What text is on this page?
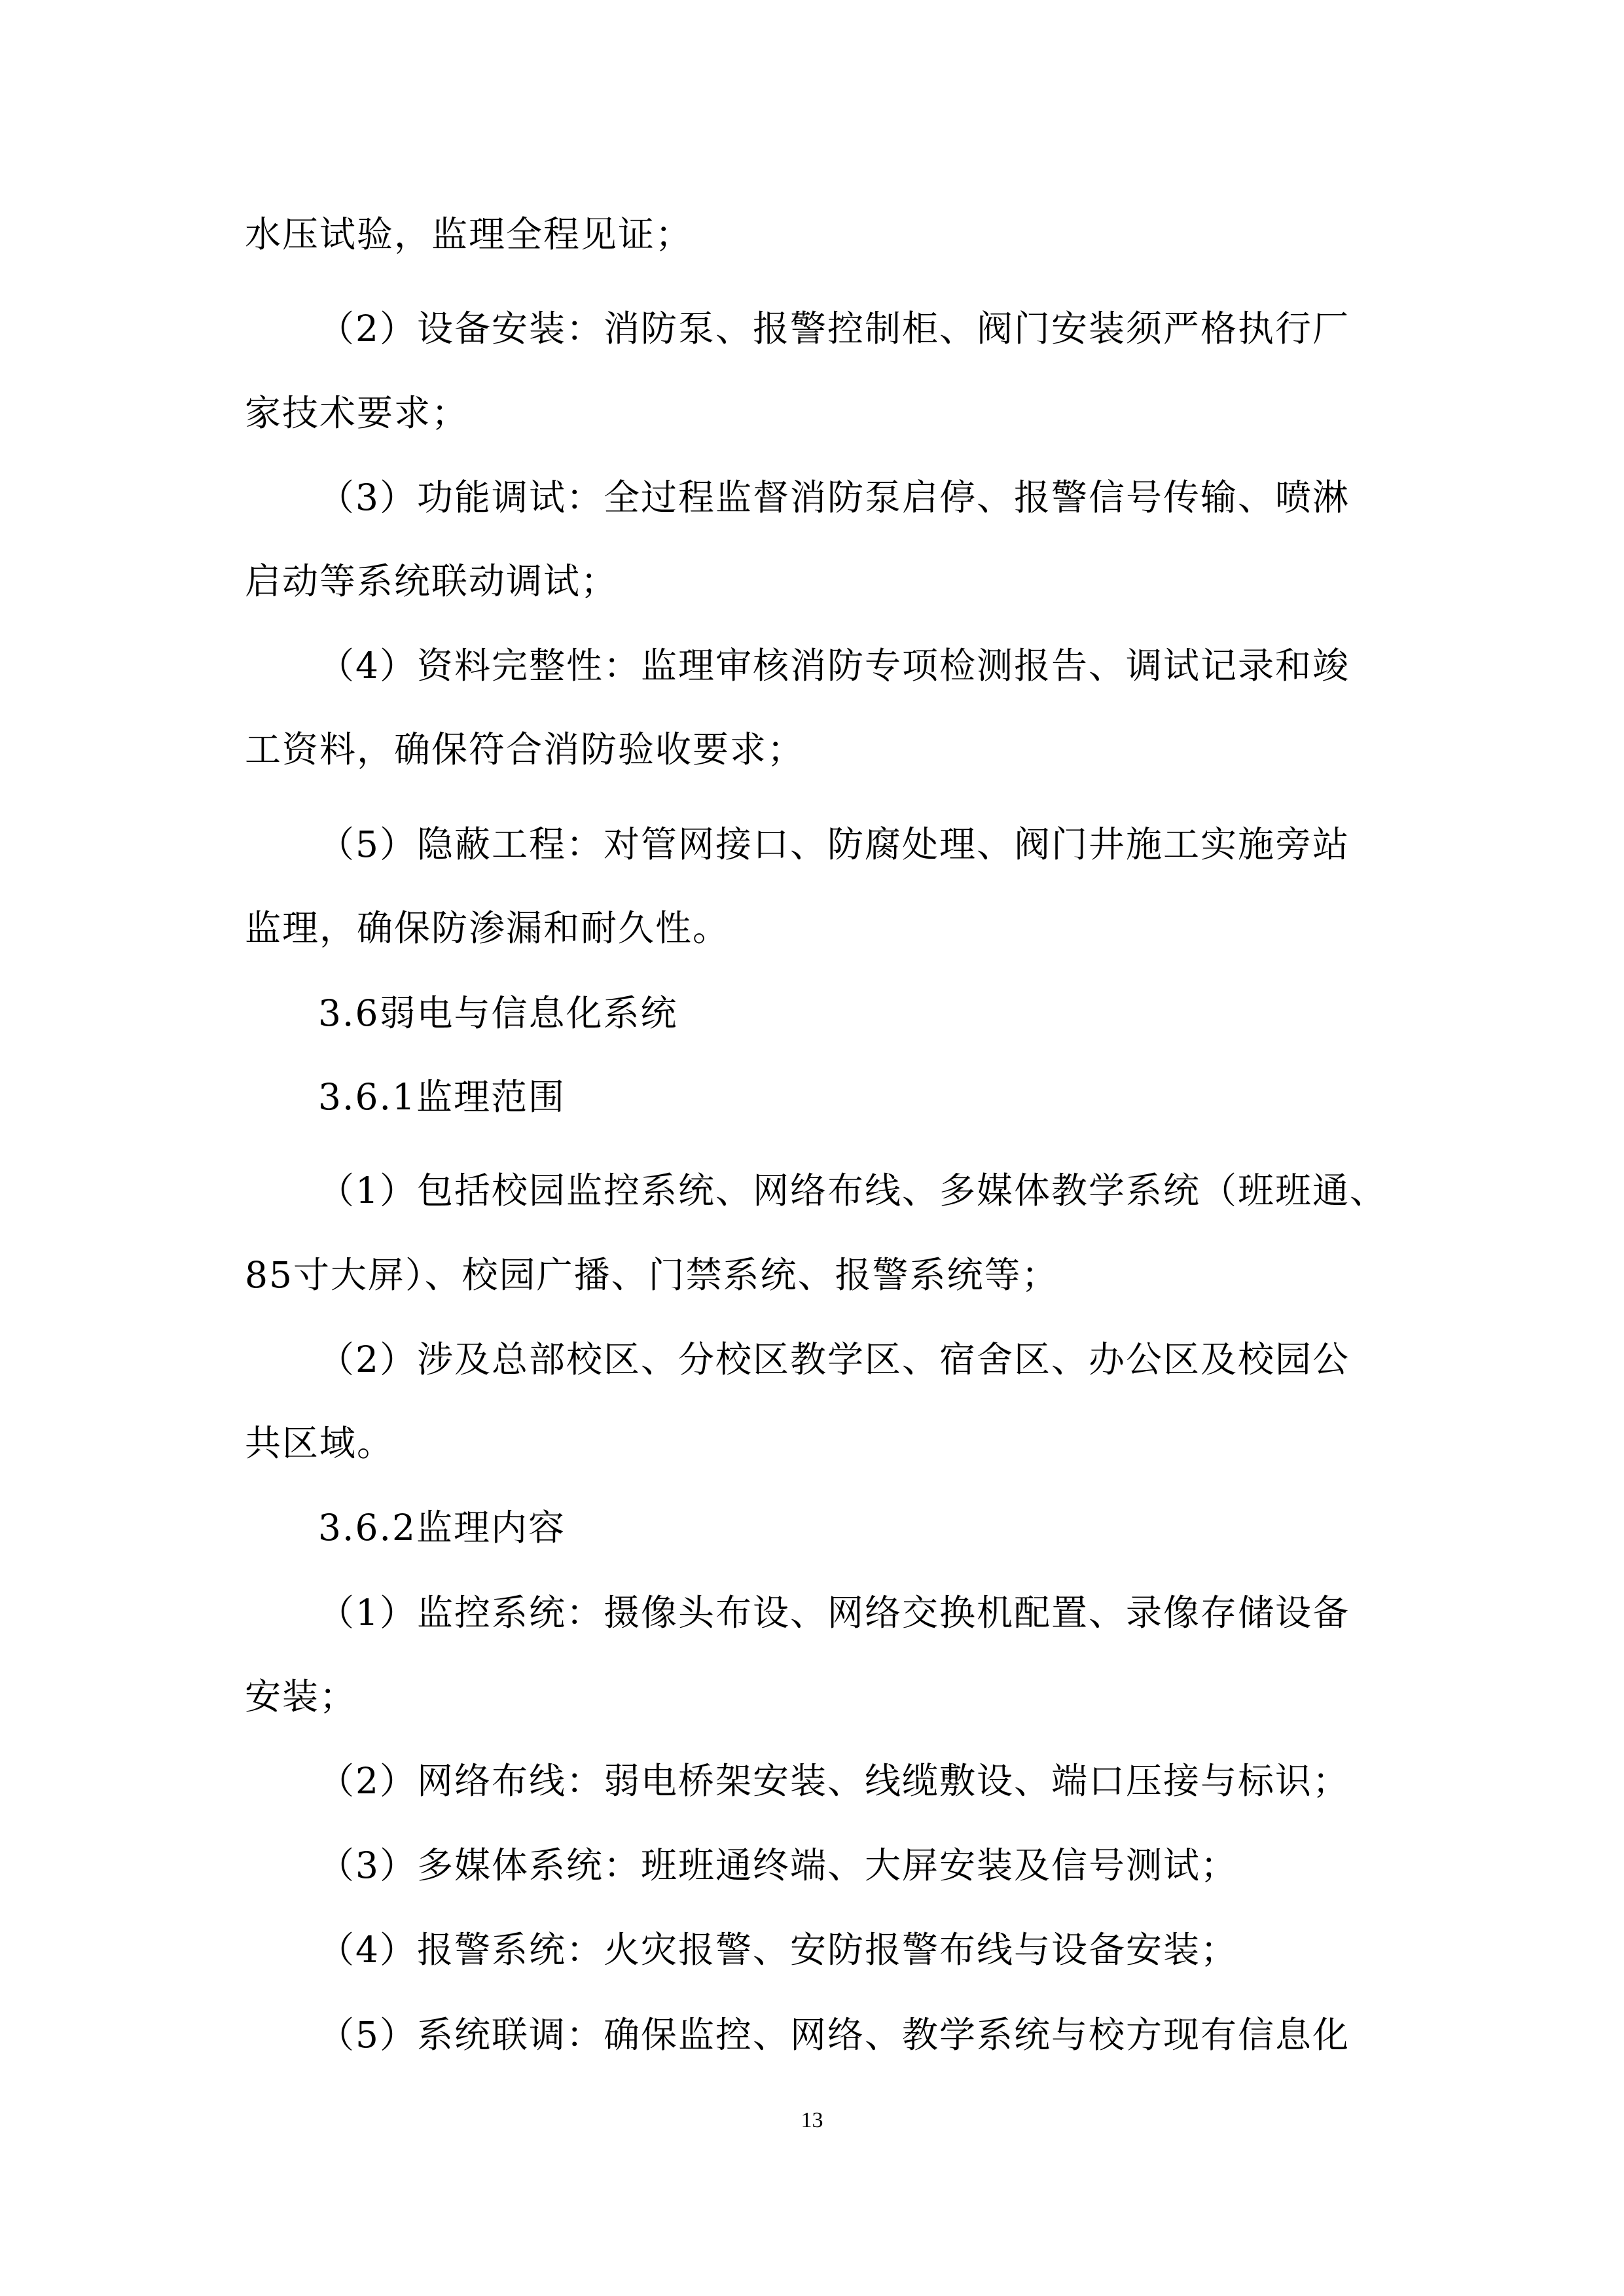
水压试验，监理全程见证；
（2）设备安装：消防泵、报警控制柜、阀门安装须严格执行厂
家技术要求；
（3）功能调试：全过程监督消防泵启停、报警信号传输、喷淋
启动等系统联动调试；
（4）资料完整性：监理审核消防专项检测报告、调试记录和竣
工资料，确保符合消防验收要求；
（5）隐蔽工程：对管网接口、防腐处理、阀门井施工实施旁站
监理，确保防渗漏和耐久性。
3.6弱电与信息化系统
3.6.1监理范围
（1）包括校园监控系统、网络布线、多媒体教学系统（班班通、
85寸大屏）、校园广播、门禁系统、报警系统等；
（2）涉及总部校区、分校区教学区、宿舍区、办公区及校园公
共区域。
3.6.2监理内容
（1）监控系统：摄像头布设、网络交换机配置、录像存储设备
安装；
（2）网络布线：弱电桥架安装、线缆敷设、端口压接与标识；
（3）多媒体系统：班班通终端、大屏安装及信号测试；
（4）报警系统：火灾报警、安防报警布线与设备安装；
（5）系统联调：确保监控、网络、教学系统与校方现有信息化
13
